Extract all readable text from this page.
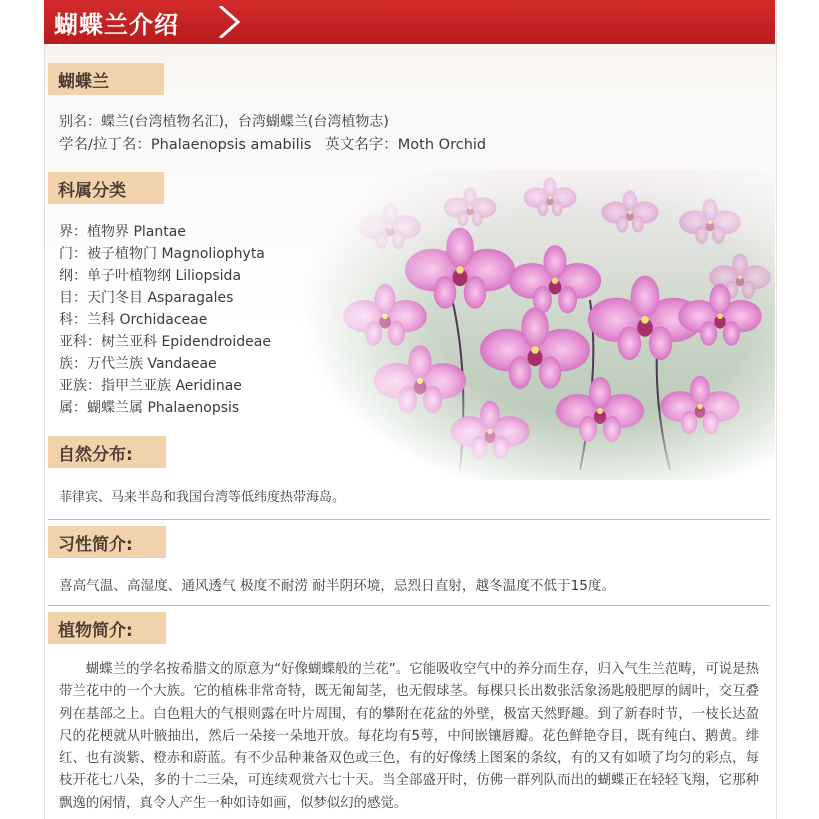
蝴蝶兰介绍
蝴蝶兰
别名：蝶兰(台湾植物名汇)，台湾蝴蝶兰(台湾植物志)
学名/拉丁名：Phalaenopsis amabilis 英文名字：Moth Orchid
科属分类
界：植物界 Plantae
门：被子植物门 Magnoliophyta
纲：单子叶植物纲 Liliopsida
目：天门冬目 Asparagales
科：兰科 Orchidaceae
亚科：树兰亚科 Epidendroideae
族：万代兰族 Vandaeae
亚族：指甲兰亚族 Aeridinae
属：蝴蝶兰属 Phalaenopsis
自然分布:
菲律宾、马来半岛和我国台湾等低纬度热带海岛。
习性简介:
喜高气温、高湿度、通风透气 极度不耐涝 耐半阴环境，忌烈日直射，越冬温度不低于15度。
植物简介:
蝴蝶兰的学名按希腊文的原意为“好像蝴蝶般的兰花”。它能吸收空气中的养分而生存，归入气生兰范畴，可说是热带兰花中的一个大族。它的植株非常奇特，既无匍匐茎，也无假球茎。每棵只长出数张活象汤匙般肥厚的阔叶，交互叠列在基部之上。白色粗大的气根则露在叶片周围，有的攀附在花盆的外壁，极富天然野趣。到了新春时节，一枝长达盈尺的花梗就从叶腋抽出，然后一朵接一朵地开放。每花均有5萼，中间嵌镶唇瓣。花色鲜艳夺目，既有纯白、鹅黄。绯红、也有淡紫、橙赤和蔚蓝。有不少品种兼备双色或三色，有的好像绣上图案的条纹，有的又有如喷了均匀的彩点，每枝开花七八朵，多的十二三朵，可连续观赏六七十天。当全部盛开时，仿佛一群列队而出的蝴蝶正在轻轻飞翔，它那种飘逸的闲情，真令人产生一种如诗如画，似梦似幻的感觉。
